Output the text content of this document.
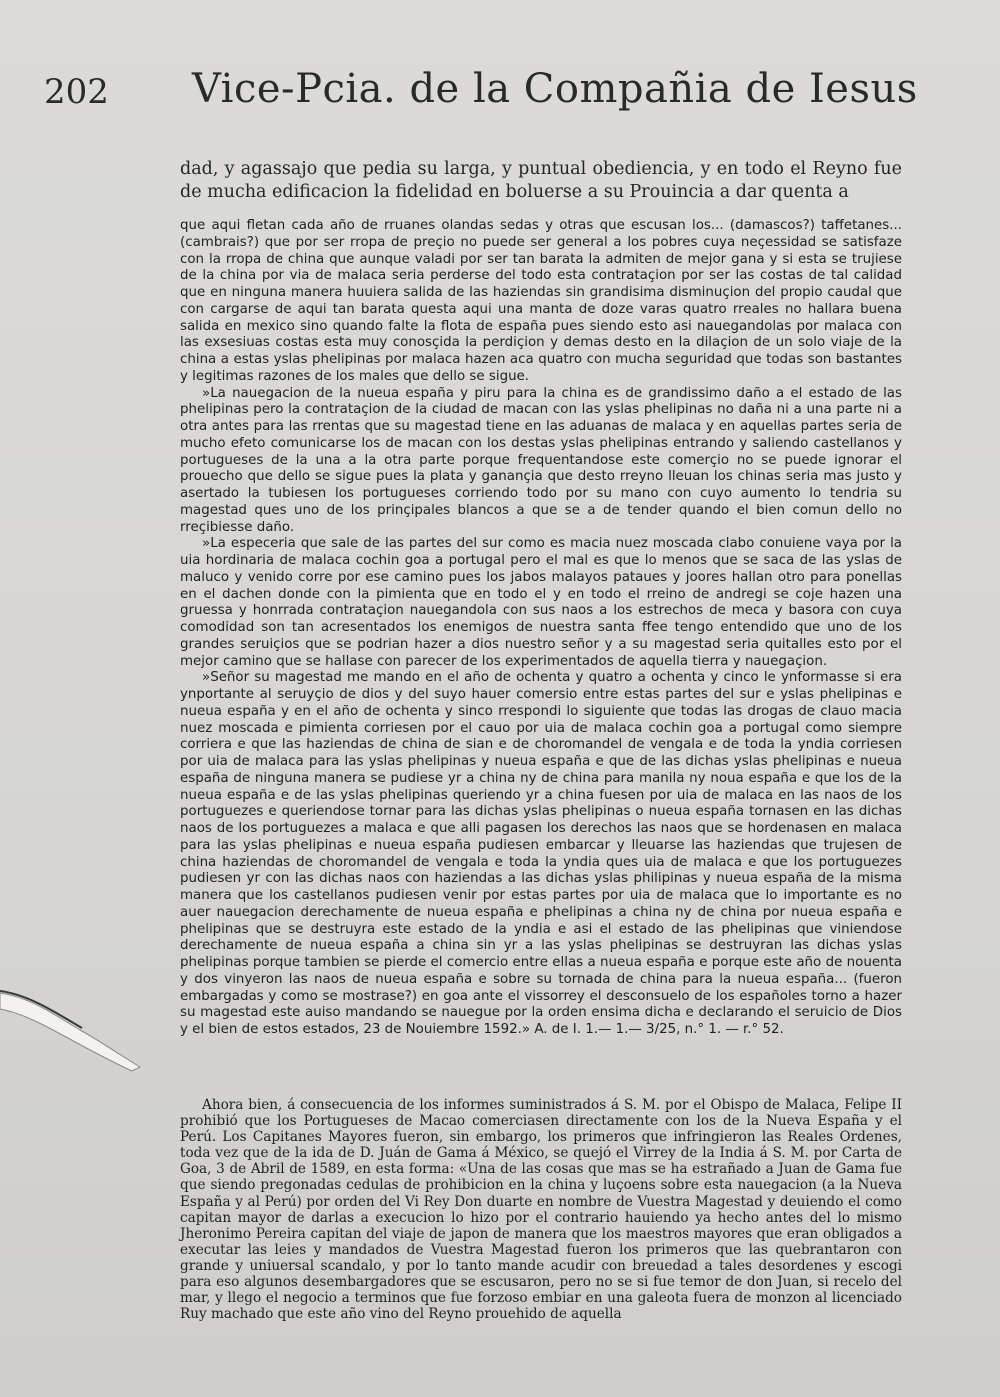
202 Vice-Pcia. de la Compañia de Iesus

dad, y agassajo que pedia su larga, y puntual obediencia, y en todo el Reyno fue de mucha edificacion la fidelidad en boluerse a su Prouincia a dar quenta a

que aqui fletan cada año de rruanes olandas sedas y otras que escusan los... (damascos?) taffetanes... (cambrais?) que por ser rropa de preçio no puede ser general a los pobres cuya neçessidad se satisfaze con la rropa de china que aunque valadi por ser tan barata la admiten de mejor gana y si esta se trujiese de la china por via de malaca seria perderse del todo esta contrataçion por ser las costas de tal calidad que en ninguna manera huuiera salida de las haziendas sin grandisima disminuçion del propio caudal que con cargarse de aqui tan barata questa aqui una manta de doze varas quatro rreales no hallara buena salida en mexico sino quando falte la flota de españa pues siendo esto asi nauegandolas por malaca con las exsesiuas costas esta muy conosçida la perdiçion y demas desto en la dilaçion de un solo viaje de la china a estas yslas phelipinas por malaca hazen aca quatro con mucha seguridad que todas son bastantes y legitimas razones de los males que dello se sigue.

»La nauegacion de la nueua españa y piru para la china es de grandissimo daño a el estado de las phelipinas pero la contrataçion de la ciudad de macan con las yslas phelipinas no daña ni a una parte ni a otra antes para las rrentas que su magestad tiene en las aduanas de malaca y en aquellas partes seria de mucho efeto comunicarse los de macan con los destas yslas phelipinas entrando y saliendo castellanos y portugueses de la una a la otra parte porque frequentandose este comerçio no se puede ignorar el prouecho que dello se sigue pues la plata y ganançia que desto rreyno lleuan los chinas seria mas justo y asertado la tubiesen los portugueses corriendo todo por su mano con cuyo aumento lo tendria su magestad ques uno de los prinçipales blancos a que se a de tender quando el bien comun dello no rreçibiesse daño.

»La especeria que sale de las partes del sur como es macia nuez moscada clabo conuiene vaya por la uia hordinaria de malaca cochin goa a portugal pero el mal es que lo menos que se saca de las yslas de maluco y venido corre por ese camino pues los jabos malayos pataues y joores hallan otro para ponellas en el dachen donde con la pimienta que en todo el y en todo el rreino de andregi se coje hazen una gruessa y honrrada contrataçion nauegandola con sus naos a los estrechos de meca y basora con cuya comodidad son tan acresentados los enemigos de nuestra santa ffee tengo entendido que uno de los grandes seruiçios que se podrian hazer a dios nuestro señor y a su magestad seria quitalles esto por el mejor camino que se hallase con parecer de los experimentados de aquella tierra y nauegaçion.

»Señor su magestad me mando en el año de ochenta y quatro a ochenta y cinco le ynformasse si era ynportante al seruyçio de dios y del suyo hauer comersio entre estas partes del sur e yslas phelipinas e nueua españa y en el año de ochenta y sinco rrespondi lo siguiente que todas las drogas de clauo macia nuez moscada e pimienta corriesen por el cauo por uia de malaca cochin goa a portugal como siempre corriera e que las haziendas de china de sian e de choromandel de vengala e de toda la yndia corriesen por uia de malaca para las yslas phelipinas y nueua españa e que de las dichas yslas phelipinas e nueua españa de ninguna manera se pudiese yr a china ny de china para manila ny noua españa e que los de la nueua españa e de las yslas phelipinas queriendo yr a china fuesen por uia de malaca en las naos de los portuguezes e queriendose tornar para las dichas yslas phelipinas o nueua españa tornasen en las dichas naos de los portuguezes a malaca e que alli pagasen los derechos las naos que se hordenasen en malaca para las yslas phelipinas e nueua españa pudiesen embarcar y lleuarse las haziendas que trujesen de china haziendas de choromandel de vengala e toda la yndia ques uia de malaca e que los portuguezes pudiesen yr con las dichas naos con haziendas a las dichas yslas philipinas y nueua españa de la misma manera que los castellanos pudiesen venir por estas partes por uia de malaca que lo importante es no auer nauegacion derechamente de nueua españa e phelipinas a china ny de china por nueua españa e phelipinas que se destruyra este estado de la yndia e asi el estado de las phelipinas que viniendose derechamente de nueua españa a china sin yr a las yslas phelipinas se destruyran las dichas yslas phelipinas porque tambien se pierde el comercio entre ellas a nueua españa e porque este año de nouenta y dos vinyeron las naos de nueua españa e sobre su tornada de china para la nueua españa... (fueron embargadas y como se mostrase?) en goa ante el vissorrey el desconsuelo de los españoles torno a hazer su magestad este auiso mandando se nauegue por la orden ensima dicha e declarando el seruicio de Dios y el bien de estos estados, 23 de Nouiembre 1592.» A. de I. 1.— 1.— 3/25, n.° 1. — r.° 52.

Ahora bien, á consecuencia de los informes suministrados á S. M. por el Obispo de Malaca, Felipe II prohibió que los Portugueses de Macao comerciasen directamente con los de la Nueva España y el Perú. Los Capitanes Mayores fueron, sin embargo, los primeros que infringieron las Reales Ordenes, toda vez que de la ida de D. Juán de Gama á México, se quejó el Virrey de la India á S. M. por Carta de Goa, 3 de Abril de 1589, en esta forma: «Una de las cosas que mas se ha estrañado a Juan de Gama fue que siendo pregonadas cedulas de prohibicion en la china y luçoens sobre esta nauegacion (a la Nueva España y al Perú) por orden del Vi Rey Don duarte en nombre de Vuestra Magestad y deuiendo el como capitan mayor de darlas a execucion lo hizo por el contrario hauiendo ya hecho antes del lo mismo Jheronimo Pereira capitan del viaje de japon de manera que los maestros mayores que eran obligados a executar las leies y mandados de Vuestra Magestad fueron los primeros que las quebrantaron con grande y uniuersal scandalo, y por lo tanto mande acudir con breuedad a tales desordenes y escogi para eso algunos desembargadores que se escusaron, pero no se si fue temor de don Juan, si recelo del mar, y llego el negocio a terminos que fue forzoso embiar en una galeota fuera de monzon al licenciado Ruy machado que este año vino del Reyno prouehido de aquella
